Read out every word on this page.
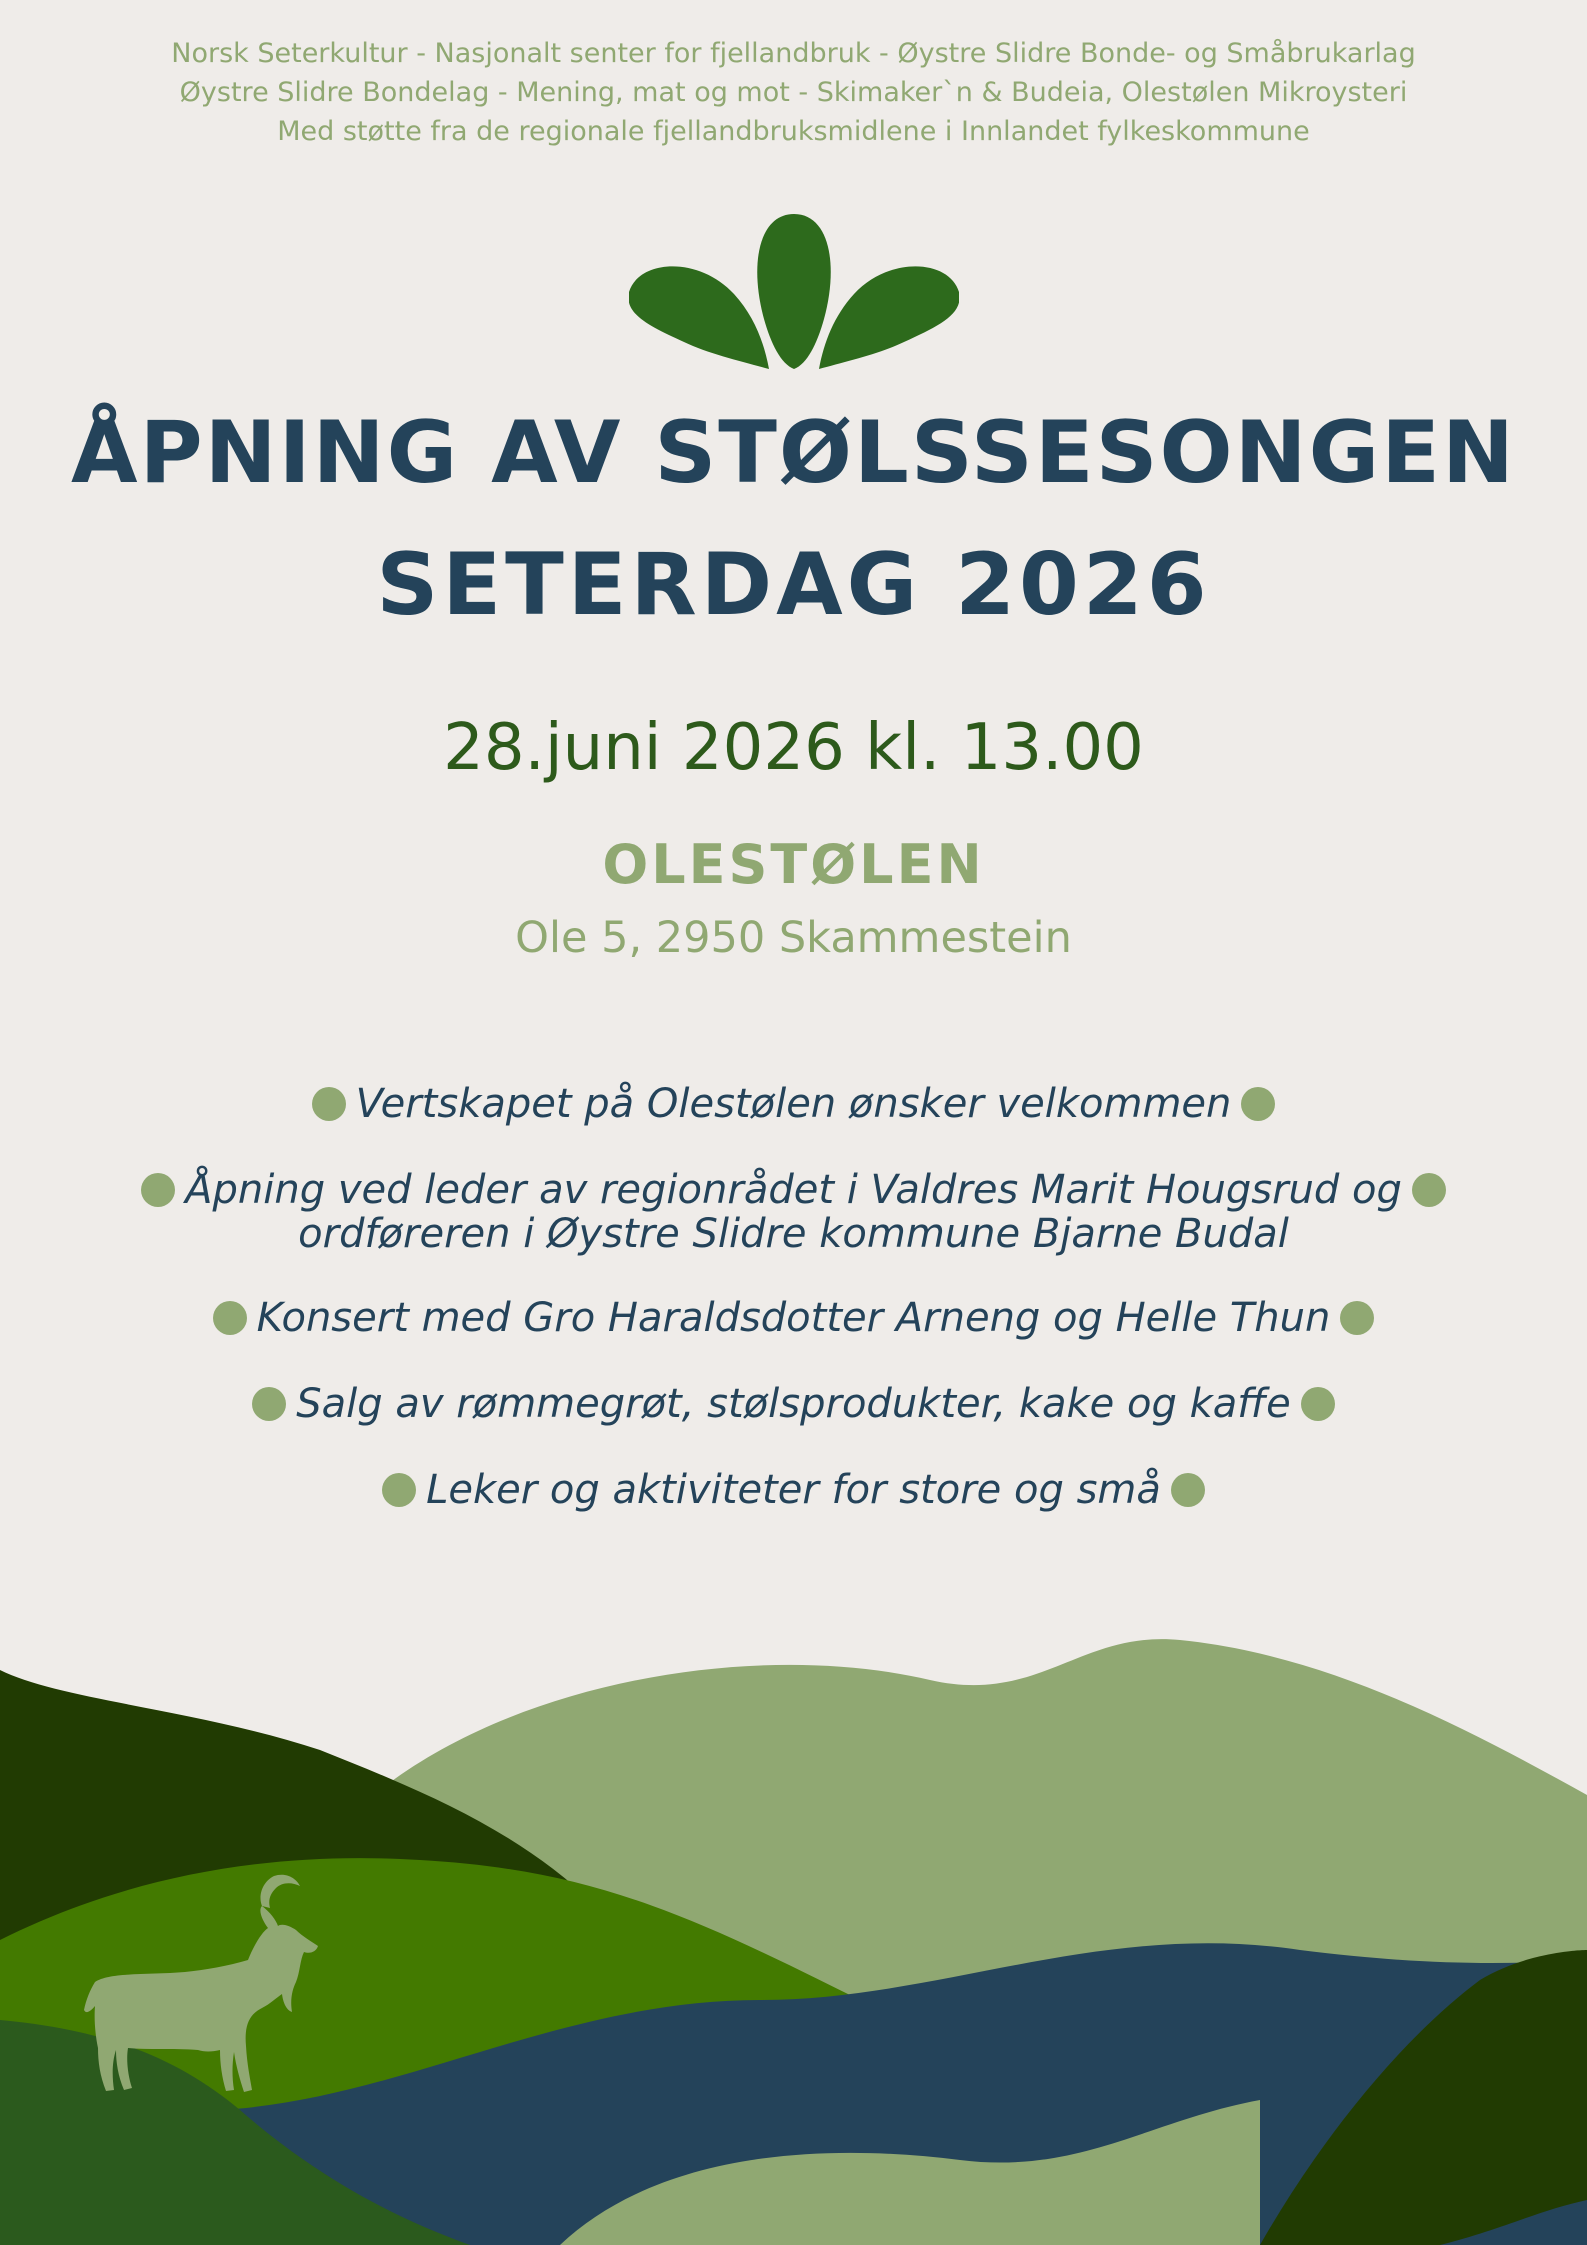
Norsk Seterkultur - Nasjonalt senter for fjellandbruk - Øystre Slidre Bonde- og Småbrukarlag
Øystre Slidre Bondelag - Mening, mat og mot - Skimaker`n & Budeia, Olestølen Mikroysteri
Med støtte fra de regionale fjellandbruksmidlene i Innlandet fylkeskommune
ÅPNING AV STØLSSESONGEN
SETERDAG 2026
28.juni 2026 kl. 13.00
OLESTØLEN
Ole 5, 2950 Skammestein
Vertskapet på Olestølen ønsker velkommen
Åpning ved leder av regionrådet i Valdres Marit Hougsrud og
ordføreren i Øystre Slidre kommune Bjarne Budal
Konsert med Gro Haraldsdotter Arneng og Helle Thun
Salg av rømmegrøt, stølsprodukter, kake og kaffe
Leker og aktiviteter for store og små
